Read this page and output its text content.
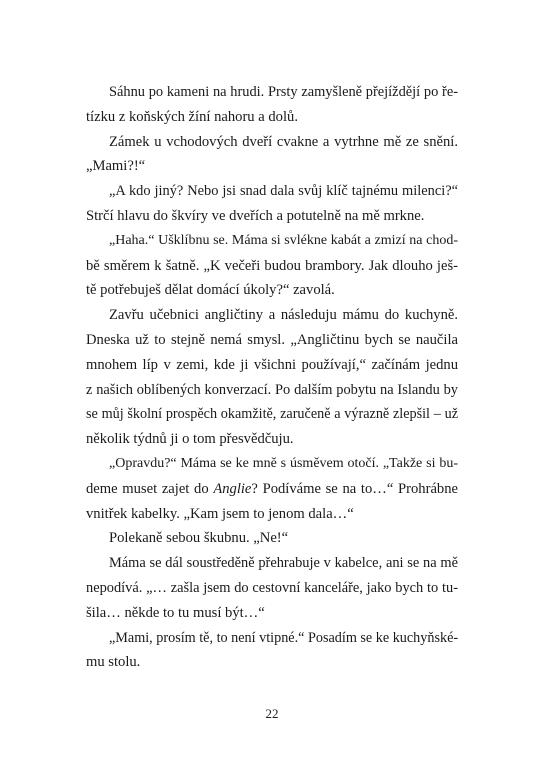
Sáhnu po kameni na hrudi. Prsty zamyšleně přejíždějí po ře-

tízku z koňských žíní nahoru a dolů.

Zámek u vchodových dveří cvakne a vytrhne mě ze snění.

„Mami?!“

„A kdo jiný? Nebo jsi snad dala svůj klíč tajnému milenci?“

Strčí hlavu do škvíry ve dveřích a potutelně na mě mrkne.

„Haha.“ Ušklíbnu se. Máma si svlékne kabát a zmizí na chod-

bě směrem k šatně. „K večeři budou brambory. Jak dlouho ješ-

tě potřebuješ dělat domácí úkoly?“ zavolá.

Zavřu učebnici angličtiny a následuju mámu do kuchyně.

Dneska už to stejně nemá smysl. „Angličtinu bych se naučila

mnohem líp v zemi, kde ji všichni používají,“ začínám jednu

z našich oblíbených konverzací. Po dalším pobytu na Islandu by

se můj školní prospěch okamžitě, zaručeně a výrazně zlepšil – už

několik týdnů ji o tom přesvědčuju.

„Opravdu?“ Máma se ke mně s úsměvem otočí. „Takže si bu-

deme muset zajet do Anglie? Podíváme se na to…“ Prohrábne

vnitřek kabelky. „Kam jsem to jenom dala…“

Polekaně sebou škubnu. „Ne!“

Máma se dál soustředěně přehrabuje v kabelce, ani se na mě

nepodívá. „… zašla jsem do cestovní kanceláře, jako bych to tu-

šila… někde to tu musí být…“

„Mami, prosím tě, to není vtipné.“ Posadím se ke kuchyňské-

mu stolu.

22
